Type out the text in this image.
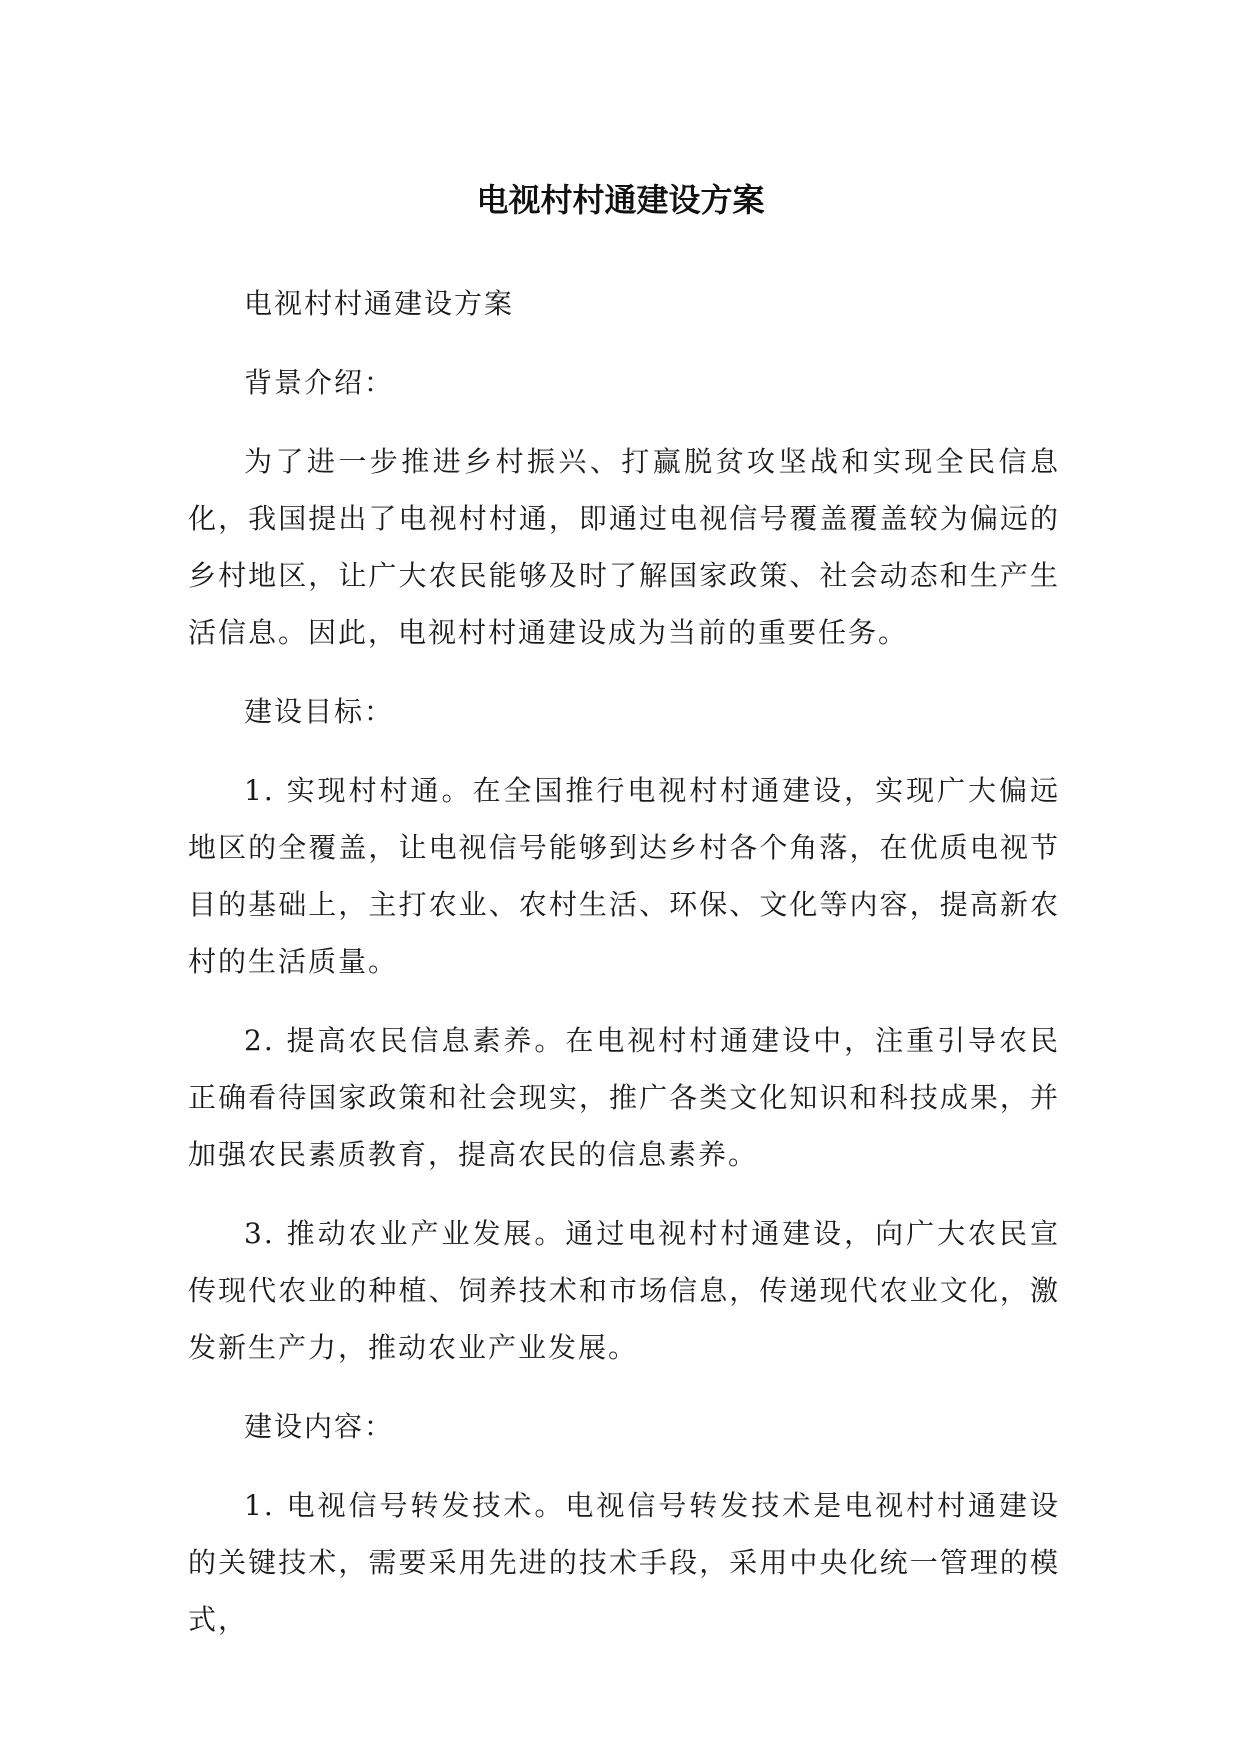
电视村村通建设方案

电视村村通建设方案

背景介绍：

为了进一步推进乡村振兴、打赢脱贫攻坚战和实现全民信息化，我国提出了电视村村通，即通过电视信号覆盖覆盖较为偏远的乡村地区，让广大农民能够及时了解国家政策、社会动态和生产生活信息。因此，电视村村通建设成为当前的重要任务。

建设目标：

1. 实现村村通。在全国推行电视村村通建设，实现广大偏远地区的全覆盖，让电视信号能够到达乡村各个角落，在优质电视节目的基础上，主打农业、农村生活、环保、文化等内容，提高新农村的生活质量。

2. 提高农民信息素养。在电视村村通建设中，注重引导农民正确看待国家政策和社会现实，推广各类文化知识和科技成果，并加强农民素质教育，提高农民的信息素养。

3. 推动农业产业发展。通过电视村村通建设，向广大农民宣传现代农业的种植、饲养技术和市场信息，传递现代农业文化，激发新生产力，推动农业产业发展。

建设内容：

1. 电视信号转发技术。电视信号转发技术是电视村村通建设的关键技术，需要采用先进的技术手段，采用中央化统一管理的模式，
